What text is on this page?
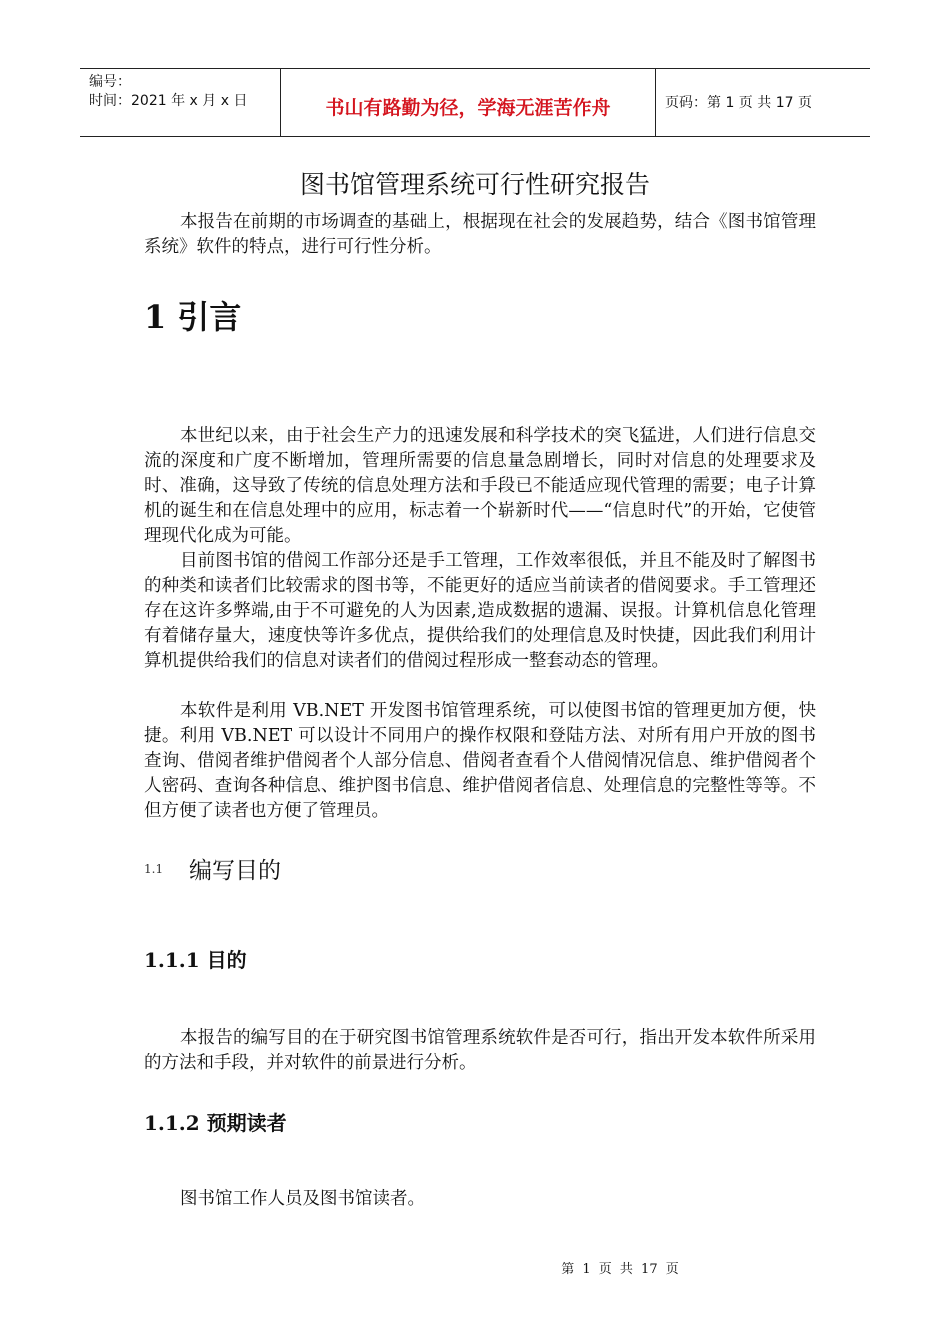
编号：
时间：2021 年 x 月 x 日	书山有路勤为径，学海无涯苦作舟	页码：第 1 页 共 17 页
图书馆管理系统可行性研究报告

本报告在前期的市场调查的基础上，根据现在社会的发展趋势，结合《图书馆管理系统》软件的特点，进行可行性分析。

1 引言

本世纪以来，由于社会生产力的迅速发展和科学技术的突飞猛进，人们进行信息交流的深度和广度不断增加，管理所需要的信息量急剧增长，同时对信息的处理要求及时、准确，这导致了传统的信息处理方法和手段已不能适应现代管理的需要；电子计算机的诞生和在信息处理中的应用，标志着一个崭新时代——“信息时代”的开始，它使管理现代化成为可能。

目前图书馆的借阅工作部分还是手工管理，工作效率很低，并且不能及时了解图书的种类和读者们比较需求的图书等，不能更好的适应当前读者的借阅要求。手工管理还存在这许多弊端,由于不可避免的人为因素,造成数据的遗漏、误报。计算机信息化管理有着储存量大，速度快等许多优点，提供给我们的处理信息及时快捷，因此我们利用计算机提供给我们的信息对读者们的借阅过程形成一整套动态的管理。

本软件是利用 VB.NET 开发图书馆管理系统，可以使图书馆的管理更加方便，快捷。利用 VB.NET 可以设计不同用户的操作权限和登陆方法、对所有用户开放的图书查询、借阅者维护借阅者个人部分信息、借阅者查看个人借阅情况信息、维护借阅者个人密码、查询各种信息、维护图书信息、维护借阅者信息、处理信息的完整性等等。不但方便了读者也方便了管理员。

1.1 编写目的
1.1.1 目的

本报告的编写目的在于研究图书馆管理系统软件是否可行，指出开发本软件所采用的方法和手段，并对软件的前景进行分析。

1.1.2 预期读者

图书馆工作人员及图书馆读者。

第 1 页 共 17 页
